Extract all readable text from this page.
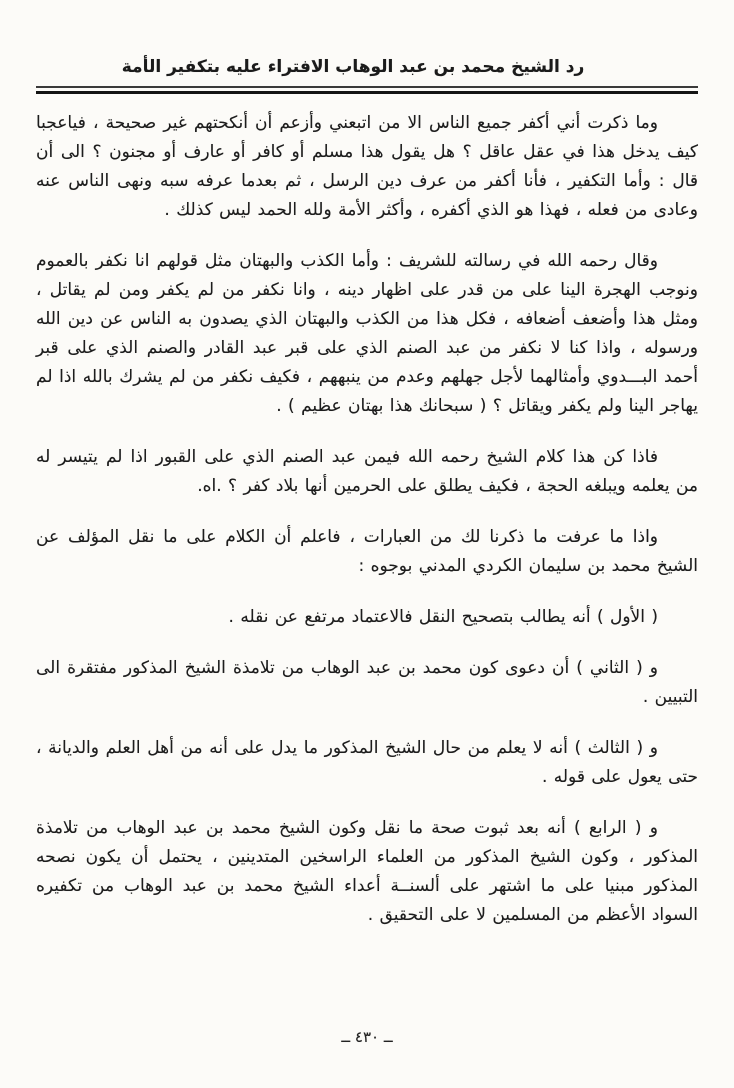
رد الشيخ محمد بن عبد الوهاب الافتراء عليه بتكفير الأمة

وما ذكرت أني أكفر جميع الناس الا من اتبعني وأزعم أن أنكحتهم غير صحيحة ، فياعجبا كيف يدخل هذا في عقل عاقل ؟ هل يقول هذا مسلم أو كافر أو عارف أو مجنون ؟ الى أن قال : وأما التكفير ، فأنا أكفر من عرف دين الرسل ، ثم بعدما عرفه سبه ونهى الناس عنه وعادى من فعله ، فهذا هو الذي أكفره ، وأكثر الأمة ولله الحمد ليس كذلك .

وقال رحمه الله في رسالته للشريف : وأما الكذب والبهتان مثل قولهم انا نكفر بالعموم ونوجب الهجرة الينا على من قدر على اظهار دينه ، وانا نكفر من لم يكفر ومن لم يقاتل ، ومثل هذا وأضعف أضعافه ، فكل هذا من الكذب والبهتان الذي يصدون به الناس عن دين الله ورسوله ، واذا كنا لا نكفر من عبد الصنم الذي على قبر عبد القادر والصنم الذي على قبر أحمد البـــدوي وأمثالهما لأجل جهلهم وعدم من ينبههم ، فكيف نكفر من لم يشرك بالله اذا لم يهاجر الينا ولم يكفر ويقاتل ؟ ( سبحانك هذا بهتان عظيم ) .

فاذا كن هذا كلام الشيخ رحمه الله فيمن عبد الصنم الذي على القبور اذا لم يتيسر له من يعلمه ويبلغه الحجة ، فكيف يطلق على الحرمين أنها بلاد كفر ؟ .اه.

واذا ما عرفت ما ذكرنا لك من العبارات ، فاعلم أن الكلام على ما نقل المؤلف عن الشيخ محمد بن سليمان الكردي المدني بوجوه :

( الأول ) أنه يطالب بتصحيح النقل فالاعتماد مرتفع عن نقله .

و ( الثاني ) أن دعوى كون محمد بن عبد الوهاب من تلامذة الشيخ المذكور مفتقرة الى التبيين .

و ( الثالث ) أنه لا يعلم من حال الشيخ المذكور ما يدل على أنه من أهل العلم والديانة ، حتى يعول على قوله .

و ( الرابع ) أنه بعد ثبوت صحة ما نقل وكون الشيخ محمد بن عبد الوهاب من تلامذة المذكور ، وكون الشيخ المذكور من العلماء الراسخين المتدينين ، يحتمل أن يكون نصحه المذكور مبنيا على ما اشتهر على ألسنــة أعداء الشيخ محمد بن عبد الوهاب من تكفيره السواد الأعظم من المسلمين لا على التحقيق .

ــ ٤٣٠ ــ
